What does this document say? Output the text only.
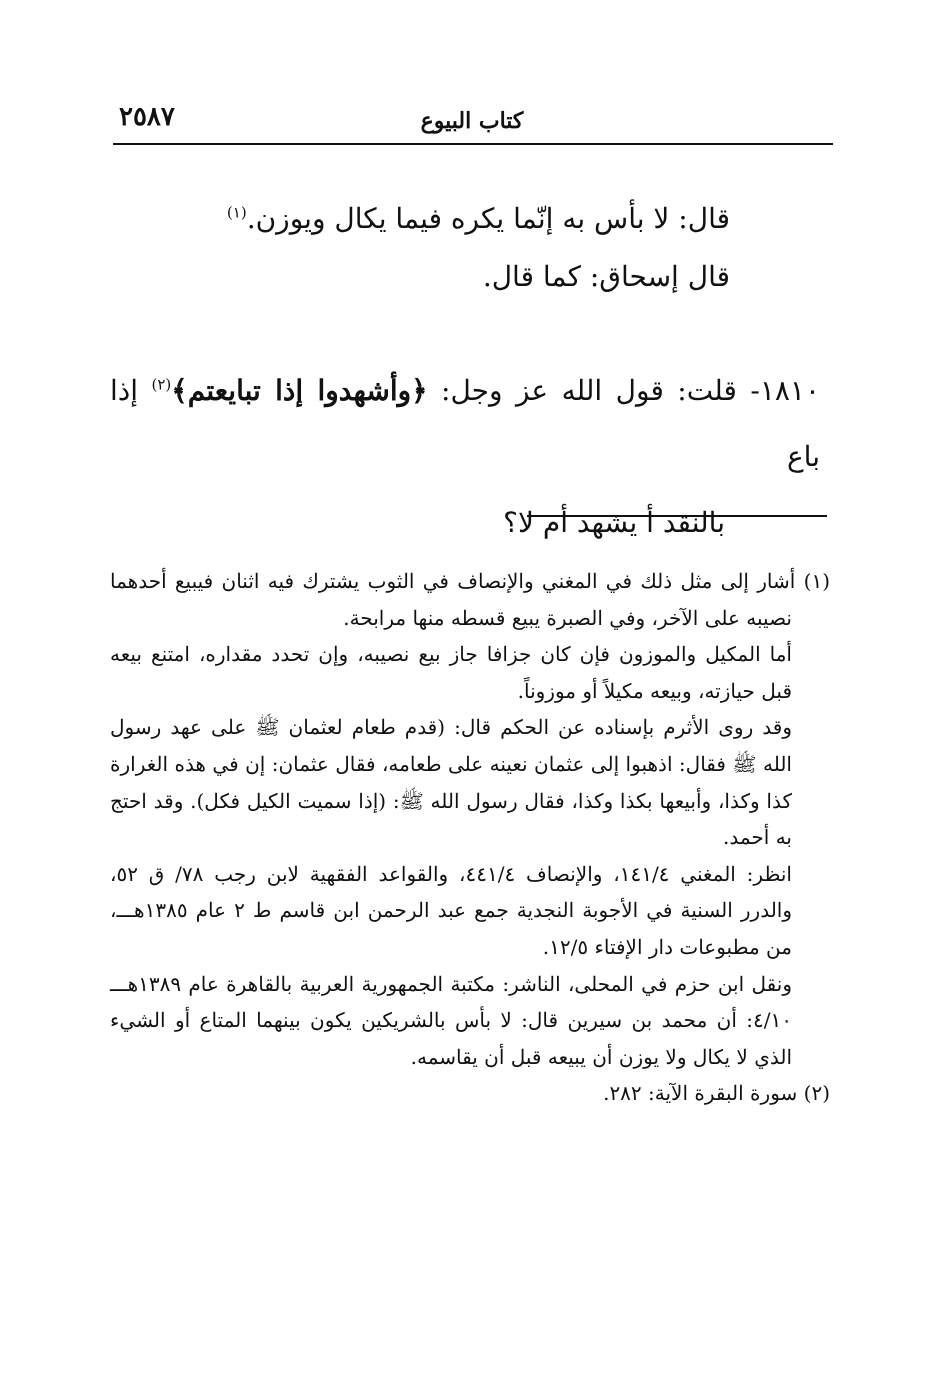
٢٥٨٧	كتاب البيوع

قال: لا بأس به إنّما يكره فيما يكال ويوزن.$^{(١)}$

قال إسحاق: كما قال.

١٨١٠- قلت: قول الله عز وجل: ﴿وأشهدوا إذا تبايعتم﴾$^{(٢)}$ إذا باع
بالنقد أ يشهد أم لا؟

(١) أشار إلى مثل ذلك في المغني والإنصاف في الثوب يشترك فيه اثنان فيبيع أحدهما نصيبه على الآخر، وفي الصبرة يبيع قسطه منها مرابحة.

أما المكيل والموزون فإن كان جزافا جاز بيع نصيبه، وإن تحدد مقداره، امتنع بيعه قبل حيازته، وبيعه مكيلاً أو موزوناً.

وقد روى الأثرم بإسناده عن الحكم قال: (قدم طعام لعثمان ﷺ على عهد رسول الله ﷺ فقال: اذهبوا إلى عثمان نعينه على طعامه، فقال عثمان: إن في هذه الغرارة كذا وكذا، وأبيعها بكذا وكذا، فقال رسول الله ﷺ: (إذا سميت الكيل فكل). وقد احتج به أحمد.

انظر: المغني ١٤١/٤، والإنصاف ٤٤١/٤، والقواعد الفقهية لابن رجب ٧٨/ ق ٥٢، والدرر السنية في الأجوبة النجدية جمع عبد الرحمن ابن قاسم ط ٢ عام ١٣٨٥هـــ، من مطبوعات دار الإفتاء ١٢/٥.

ونقل ابن حزم في المحلى، الناشر: مكتبة الجمهورية العربية بالقاهرة عام ١٣٨٩هـــ ٤/١٠: أن محمد بن سيرين قال: لا بأس بالشريكين يكون بينهما المتاع أو الشيء الذي لا يكال ولا يوزن أن يبيعه قبل أن يقاسمه.

(٢) سورة البقرة الآية: ٢٨٢.
